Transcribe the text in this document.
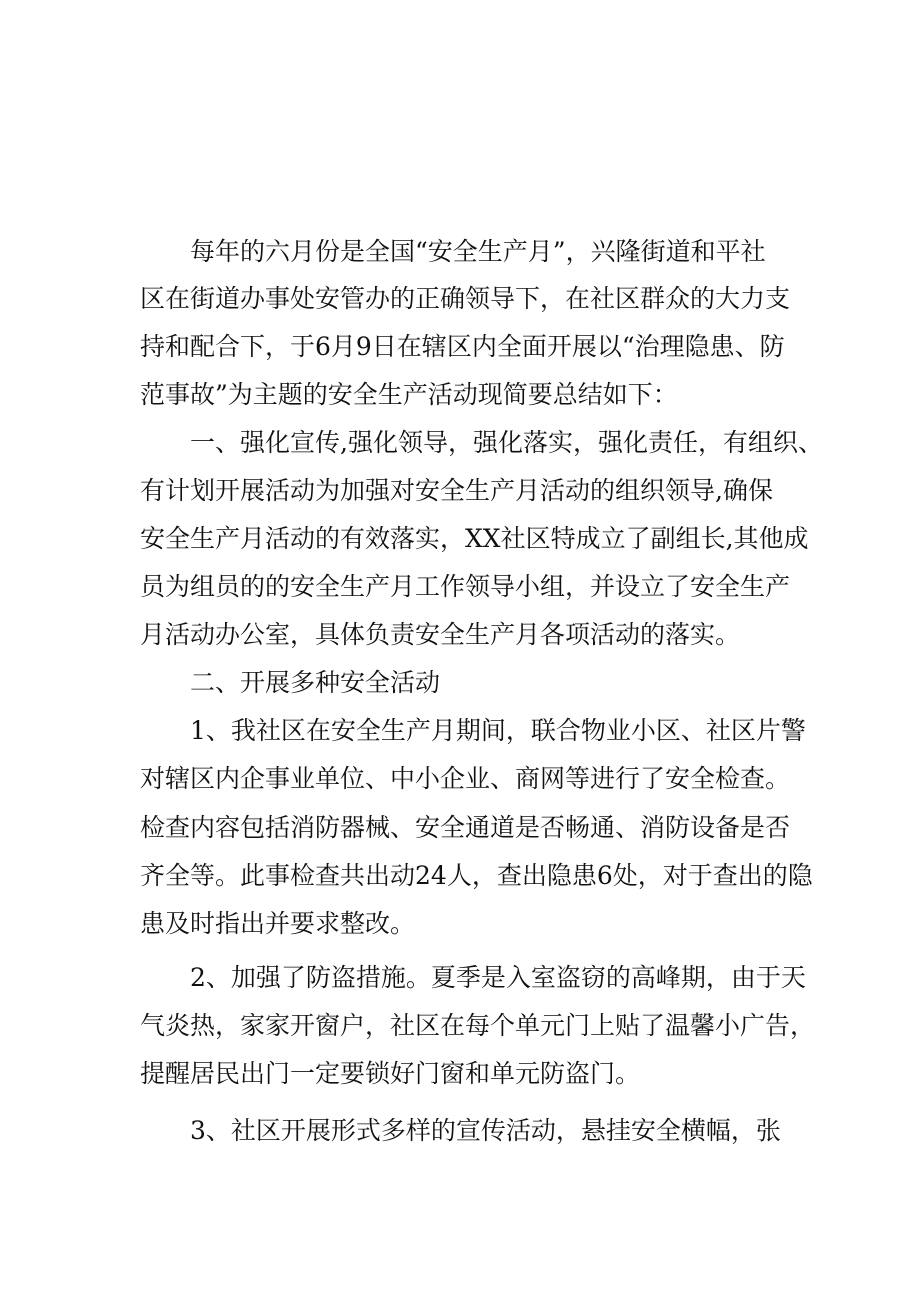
每年的六月份是全国“安全生产月”，兴隆街道和平社
区在街道办事处安管办的正确领导下，在社区群众的大力支
持和配合下，于6月9日在辖区内全面开展以“治理隐患、防
范事故”为主题的安全生产活动现简要总结如下：
一、强化宣传,强化领导，强化落实，强化责任，有组织、
有计划开展活动为加强对安全生产月活动的组织领导,确保
安全生产月活动的有效落实，XX社区特成立了副组长,其他成
员为组员的的安全生产月工作领导小组，并设立了安全生产
月活动办公室，具体负责安全生产月各项活动的落实。
二、开展多种安全活动
1、我社区在安全生产月期间，联合物业小区、社区片警
对辖区内企事业单位、中小企业、商网等进行了安全检查。
检查内容包括消防器械、安全通道是否畅通、消防设备是否
齐全等。此事检查共出动24人，查出隐患6处，对于查出的隐
患及时指出并要求整改。
2、加强了防盗措施。夏季是入室盗窃的高峰期，由于天
气炎热，家家开窗户，社区在每个单元门上贴了温馨小广告，
提醒居民出门一定要锁好门窗和单元防盗门。
3、社区开展形式多样的宣传活动，悬挂安全横幅，张
